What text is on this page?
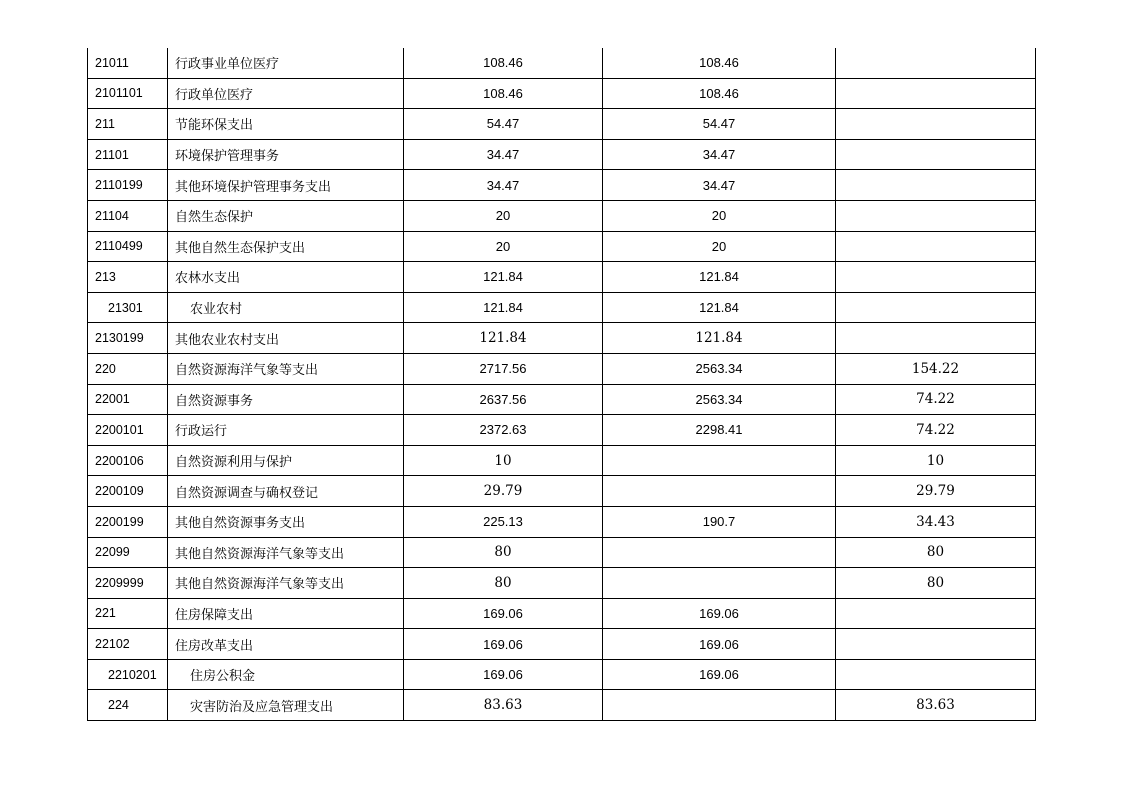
21011	行政事业单位医疗	108.46	108.46	
2101101	行政单位医疗	108.46	108.46	
211	节能环保支出	54.47	54.47	
21101	环境保护管理事务	34.47	34.47	
2110199	其他环境保护管理事务支出	34.47	34.47	
21104	自然生态保护	20	20	
2110499	其他自然生态保护支出	20	20	
213	农林水支出	121.84	121.84	
21301	农业农村	121.84	121.84	
2130199	其他农业农村支出	121.84	121.84	
220	自然资源海洋气象等支出	2717.56	2563.34	154.22
22001	自然资源事务	2637.56	2563.34	74.22
2200101	行政运行	2372.63	2298.41	74.22
2200106	自然资源利用与保护	10		10
2200109	自然资源调查与确权登记	29.79		29.79
2200199	其他自然资源事务支出	225.13	190.7	34.43
22099	其他自然资源海洋气象等支出	80		80
2209999	其他自然资源海洋气象等支出	80		80
221	住房保障支出	169.06	169.06	
22102	住房改革支出	169.06	169.06	
2210201	住房公积金	169.06	169.06	
224	灾害防治及应急管理支出	83.63		83.63
